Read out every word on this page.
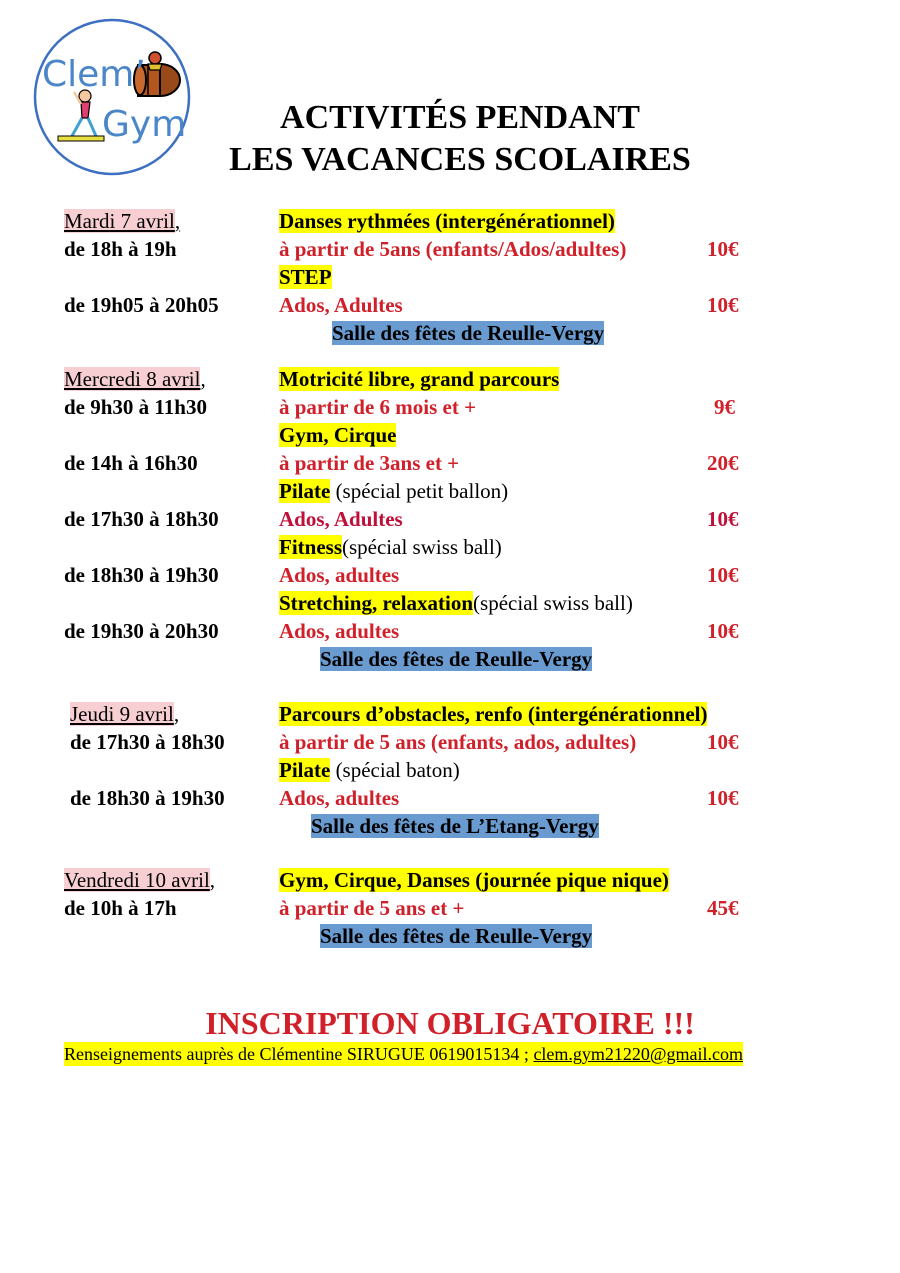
Clem’
Gym	ACTIVITÉS PENDANT
LES VACANCES SCOLAIRES
Mardi 7 avril,	Danses rythmées (intergénérationnel)
de 18h à 19h	à partir de 5ans (enfants/Ados/adultes)	10€
STEP
de 19h05 à 20h05	Ados, Adultes	10€
Salle des fêtes de Reulle-Vergy
Mercredi 8 avril,	Motricité libre, grand parcours
de 9h30 à 11h30	à partir de 6 mois et +	9€
Gym, Cirque
de 14h à 16h30	à partir de 3ans et +	20€
Pilate (spécial petit ballon)
de 17h30 à 18h30	Ados, Adultes	10€
Fitness(spécial swiss ball)
de 18h30 à 19h30	Ados, adultes	10€
Stretching, relaxation(spécial swiss ball)
de 19h30 à 20h30	Ados, adultes	10€
Salle des fêtes de Reulle-Vergy
Jeudi 9 avril,	Parcours d’obstacles, renfo (intergénérationnel)
de 17h30 à 18h30	à partir de 5 ans (enfants, ados, adultes)	10€
Pilate (spécial baton)
de 18h30 à 19h30	Ados, adultes	10€
Salle des fêtes de L’Etang-Vergy
Vendredi 10 avril,	Gym, Cirque, Danses (journée pique nique)
de 10h à 17h	à partir de 5 ans et +	45€
Salle des fêtes de Reulle-Vergy
INSCRIPTION OBLIGATOIRE !!!
Renseignements auprès de Clémentine SIRUGUE 0619015134 ; clem.gym21220@gmail.com
